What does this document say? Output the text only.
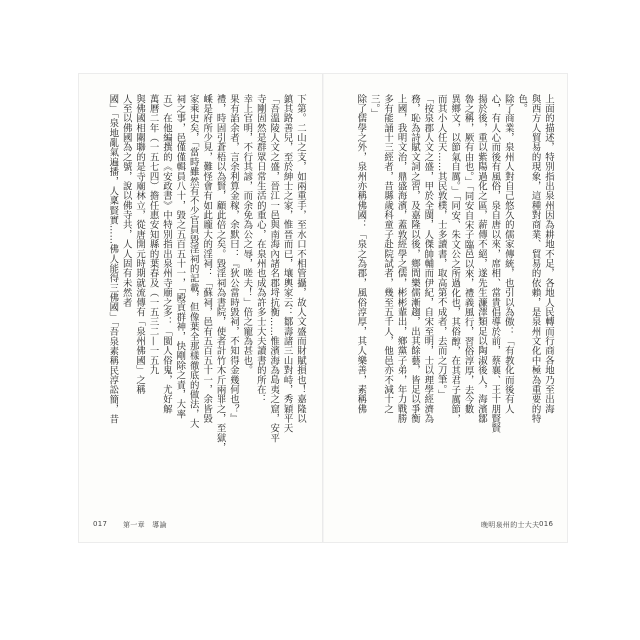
下第。二山之支，如兩重手，至水口不相管攝，故人文盛而財賦損也！嘉隆以
鎮其路善兒，至於紳士之家，惟晉而已，壤輿家云：鄒壽諸三山對峙，秀穎平天
「吾溫陵人文之盛，晉江一邑與南海內諸名郡埒抗衡……惟濱海為島夷之窟，安平
寺剛固然是群眾日常生活的重心，在泉州也成為許多士大夫讀書的所在：
幸上官明，不行其諺，而余免為公之辱，嗟夫！」倍之寵為甚也。
果有諂余者，言余利算金稼，余默曰：『狄公當時毀祠，不知得金幾何也？』
禮，時固引蒼梧以為賢，顧此倍之矣。毀淫祠為書院，使者計竹木斤兩罪之，至獄，
嵊是府所少見，難怪會有如此龐大的淫祠：「蘇祠，邑有五百五十一，余皆毀
家乘史矣，「當時雖然有不少官員毀淫祠的記載，但像葉全那樣徹底的做法，大
祠之事，邑僅僅輯員八十，毀之五百五十一，「殿貢群神，快剛除之責，大率
五）在他編撰的《安政書》中特別指出泉州寺廟之多：「閩人俗鬼，尤好解
萬曆二年（一五七四）擔任惠安知縣的葉春及（一五三二—一五九
與佛國相關聯的是寺廟林立，從唐開元時期就流傳有「泉州佛國」之稱
人至以佛國為之號，說以佛寺共，人人固有未然者
國」「泉地亂氣遍播，人稟賢實……佛人能得三佛國」「吾泉素稱民淳訟簡，昔
017 第一章　導論
上面的描述，特別指出泉州因為耕地不足，各地人民轉而行商各地乃至出海
與西方人貿易的現象，這種對商業、貿易的依賴，是泉州文化中極為重要的特
色。
除了商業，泉州人對自己悠久的儒家傳統，也引以為傲：「有教化而後有人
心，有人心而後有風俗，泉自唐以來，席相、當貴倡導於前，蔡襄、王十朋賢賢
揚於後，重以紫陽過化之區，薪傳不絕，遂先生濂澤類足以陶淑後人，海濱鄒
魯之稱，厥有由也。」「同安自宋子臨邑以來，禮義風行，習俗淳厚，去今數
異鄉文，以節氣自厲。」「同安、朱文公之所過化也，其俗醇，在其君子厲節，
而其小人任天……其民敦樸，士多讀書，取高第不成者，去而之刀筆。」
「按泉郡人文之盛，甲於全閩，人傑帥輔而伊紀，自宋至明，士以理學經濟為
務，恥為詩賦文詞之習，及嘉隆以後，鄉間樂儒漸趨，出其餘藝，皆足以爭衡
上國，我明文治，鼎盛海濱，蓋敦經學之儒，彬彬輩出，鄉黨子弟，年力戰勝
多有能誦十三經者，昔縣歲科童子赴院試者，幾至五千人，他邑亦不減十之
三。」
除了儒學之外，泉州亦稱佛國：「泉之為郡，風俗淳厚，其人樂善，素稱佛
晚明泉州的士大夫 016
